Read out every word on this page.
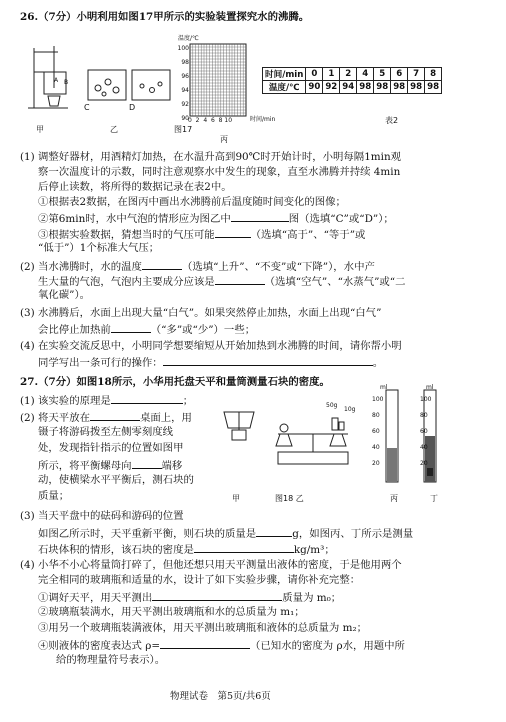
26.（7分）小明利用如图17甲所示的实验装置探究水的沸腾。
A B
C	D
甲	乙
温度/℃
100
98
96
94
92
90 0 2 4 6 8 10	时间/min
图17
丙
时间/min	0	1	2	4	5	6	7	8
温度/℃	90	92	94	98	98	98	98	98
表2
(1) 调整好器材，用酒精灯加热，在水温升高到90℃时开始计时，小明每隔1min观
察一次温度计的示数，同时注意观察水中发生的现象，直至水沸腾并持续 4min
后停止读数，将所得的数据记录在表2中。
①根据表2数据，在图丙中画出水沸腾前后温度随时间变化的图像；
②第6min时，水中气泡的情形应为图乙中	图（选填“C”或“D”）；
③根据实验数据，猜想当时的气压可能	（选填“高于”、“等于”或
“低于”）1个标准大气压；
(2) 当水沸腾时，水的温度	（选填“上升”、“不变”或“下降”），水中产
生大量的气泡，气泡内主要成分应该是	（选填“空气”、“水蒸气”或“二
氧化碳”）。
(3) 水沸腾后，水面上出现大量“白气”。如果突然停止加热，水面上出现“白气”
会比停止加热前	（“多”或“少”）一些；
(4) 在实验交流反思中，小明同学想要缩短从开始加热到水沸腾的时间，请你帮小明
同学写出一条可行的操作：	。
27.（7分）如图18所示，小华用托盘天平和量筒测量石块的密度。
(1) 该实验的原理是	；
(2) 将天平放在	桌面上，用
镊子将游码拨至左侧零刻度线
处，发现指针指示的位置如图甲
所示，将平衡螺母向	端移
动，使横梁水平平衡后，测石块的
质量；
50g
10g
100
80
60
40
20
ml
100
80
60
40
20
ml
甲	图18 乙	丙	丁
(3) 当天平盘中的砝码和游码的位置
如图乙所示时，天平重新平衡，则石块的质量是	g，如图丙、丁所示是测量
石块体积的情形，该石块的密度是	kg/m³；
(4) 小华不小心将量筒打碎了，但他还想只用天平测量出液体的密度，于是他用两个
完全相同的玻璃瓶和适量的水，设计了如下实验步骤，请你补充完整：
①调好天平，用天平测出	质量为 m₀；
②玻璃瓶装满水，用天平测出玻璃瓶和水的总质量为 m₁；
③用另一个玻璃瓶装满液体，用天平测出玻璃瓶和液体的总质量为 m₂；
④则液体的密度表达式 ρ=	（已知水的密度为 ρ水，用题中所
给的物理量符号表示）。
物理试卷　第5页/共6页
